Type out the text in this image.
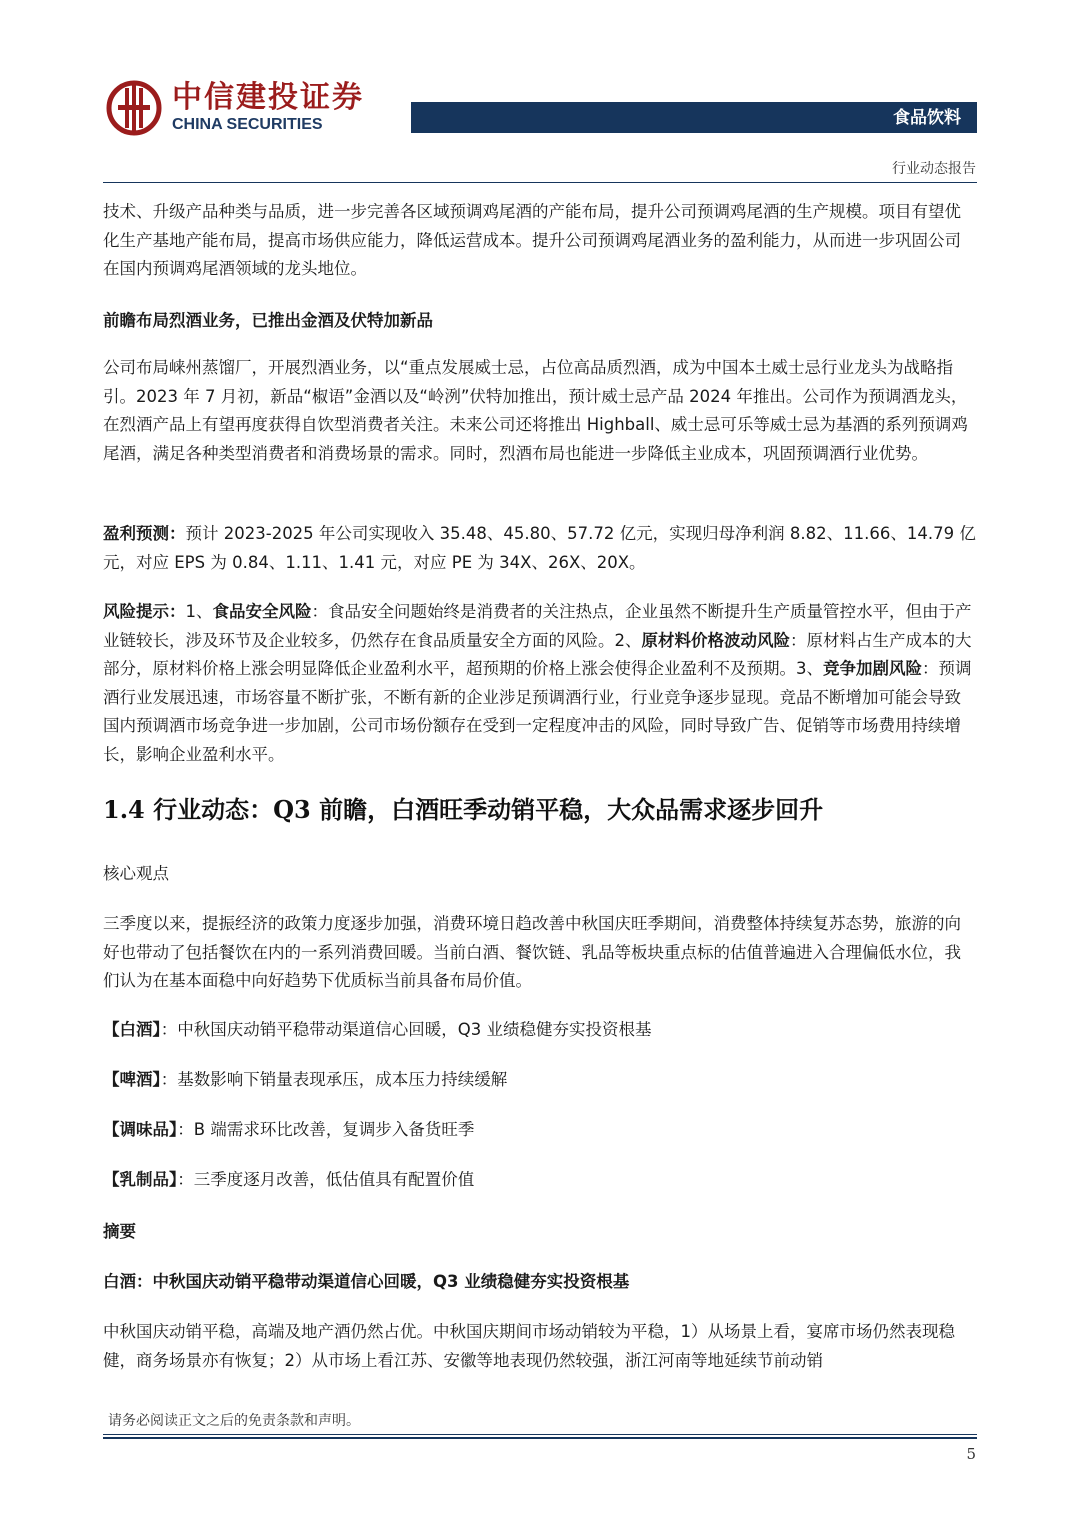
中信建投证券
CHINA SECURITIES	食品饮料
行业动态报告
技术、升级产品种类与品质，进一步完善各区域预调鸡尾酒的产能布局，提升公司预调鸡尾酒的生产规模。项目有望优化生产基地产能布局，提高市场供应能力，降低运营成本。提升公司预调鸡尾酒业务的盈利能力，从而进一步巩固公司在国内预调鸡尾酒领域的龙头地位。
前瞻布局烈酒业务，已推出金酒及伏特加新品
公司布局崃州蒸馏厂，开展烈酒业务，以“重点发展威士忌，占位高品质烈酒，成为中国本土威士忌行业龙头为战略指引。2023 年 7 月初，新品“椒语”金酒以及“岭洌”伏特加推出，预计威士忌产品 2024 年推出。公司作为预调酒龙头，在烈酒产品上有望再度获得自饮型消费者关注。未来公司还将推出 Highball、威士忌可乐等威士忌为基酒的系列预调鸡尾酒，满足各种类型消费者和消费场景的需求。同时，烈酒布局也能进一步降低主业成本，巩固预调酒行业优势。
盈利预测：预计 2023-2025 年公司实现收入 35.48、45.80、57.72 亿元，实现归母净利润 8.82、11.66、14.79 亿元，对应 EPS 为 0.84、1.11、1.41 元，对应 PE 为 34X、26X、20X。
风险提示：1、食品安全风险：食品安全问题始终是消费者的关注热点，企业虽然不断提升生产质量管控水平，但由于产业链较长，涉及环节及企业较多，仍然存在食品质量安全方面的风险。2、原材料价格波动风险：原材料占生产成本的大部分，原材料价格上涨会明显降低企业盈利水平，超预期的价格上涨会使得企业盈利不及预期。3、竞争加剧风险：预调酒行业发展迅速，市场容量不断扩张，不断有新的企业涉足预调酒行业，行业竞争逐步显现。竞品不断增加可能会导致国内预调酒市场竞争进一步加剧，公司市场份额存在受到一定程度冲击的风险，同时导致广告、促销等市场费用持续增长，影响企业盈利水平。
1.4 行业动态：Q3 前瞻，白酒旺季动销平稳，大众品需求逐步回升
核心观点
三季度以来，提振经济的政策力度逐步加强，消费环境日趋改善中秋国庆旺季期间，消费整体持续复苏态势，旅游的向好也带动了包括餐饮在内的一系列消费回暖。当前白酒、餐饮链、乳品等板块重点标的估值普遍进入合理偏低水位，我们认为在基本面稳中向好趋势下优质标当前具备布局价值。
【白酒】：中秋国庆动销平稳带动渠道信心回暖，Q3 业绩稳健夯实投资根基
【啤酒】：基数影响下销量表现承压，成本压力持续缓解
【调味品】：B 端需求环比改善，复调步入备货旺季
【乳制品】：三季度逐月改善，低估值具有配置价值
摘要
白酒：中秋国庆动销平稳带动渠道信心回暖，Q3 业绩稳健夯实投资根基
中秋国庆动销平稳，高端及地产酒仍然占优。中秋国庆期间市场动销较为平稳，1）从场景上看，宴席市场仍然表现稳健，商务场景亦有恢复；2）从市场上看江苏、安徽等地表现仍然较强，浙江河南等地延续节前动销
请务必阅读正文之后的免责条款和声明。
5
